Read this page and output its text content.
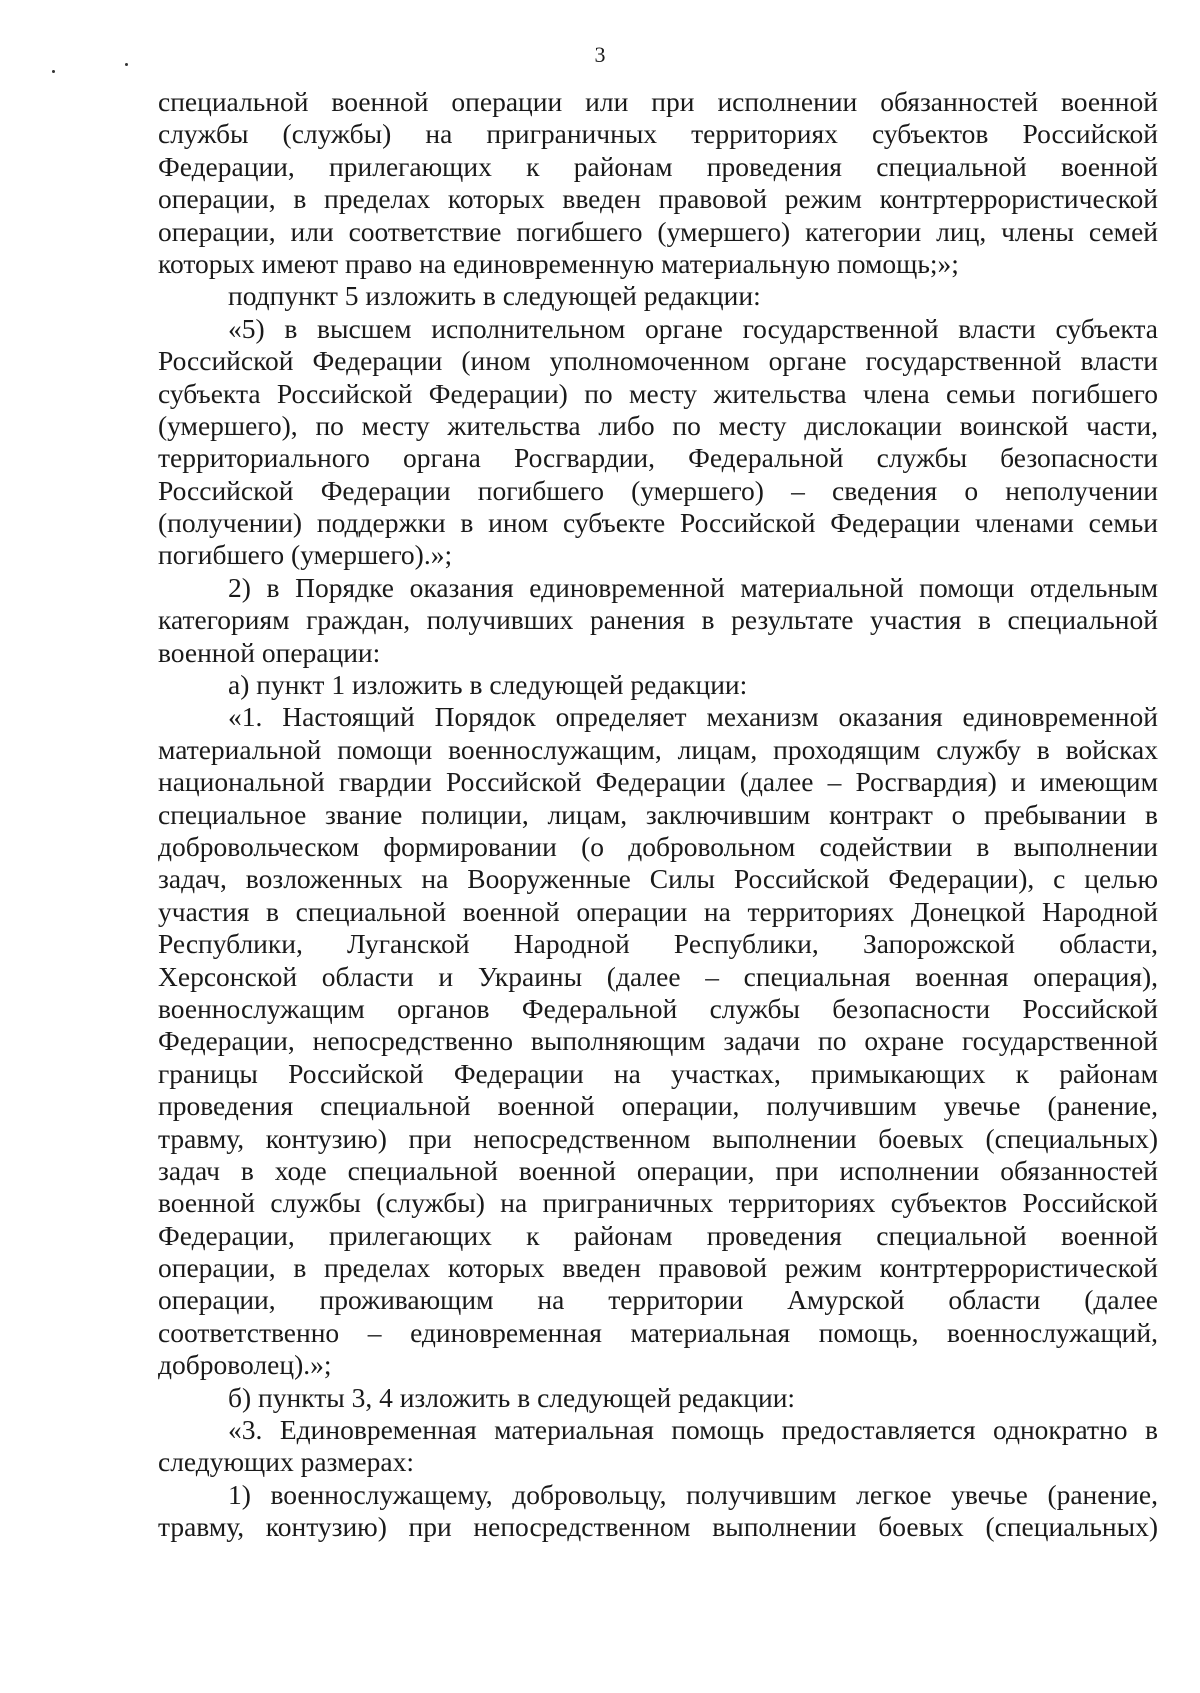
3
специальной военной операции или при исполнении обязанностей военной
службы (службы) на приграничных территориях субъектов Российской
Федерации, прилегающих к районам проведения специальной военной
операции, в пределах которых введен правовой режим контртеррористической
операции, или соответствие погибшего (умершего) категории лиц, члены семей
которых имеют право на единовременную материальную помощь;»;
подпункт 5 изложить в следующей редакции:
«5) в высшем исполнительном органе государственной власти субъекта
Российской Федерации (ином уполномоченном органе государственной власти
субъекта Российской Федерации) по месту жительства члена семьи погибшего
(умершего), по месту жительства либо по месту дислокации воинской части,
территориального органа Росгвардии, Федеральной службы безопасности
Российской Федерации погибшего (умершего) – сведения о неполучении
(получении) поддержки в ином субъекте Российской Федерации членами семьи
погибшего (умершего).»;
2) в Порядке оказания единовременной материальной помощи отдельным
категориям граждан, получивших ранения в результате участия в специальной
военной операции:
а) пункт 1 изложить в следующей редакции:
«1. Настоящий Порядок определяет механизм оказания единовременной
материальной помощи военнослужащим, лицам, проходящим службу в войсках
национальной гвардии Российской Федерации (далее – Росгвардия) и имеющим
специальное звание полиции, лицам, заключившим контракт о пребывании в
добровольческом формировании (о добровольном содействии в выполнении
задач, возложенных на Вооруженные Силы Российской Федерации), с целью
участия в специальной военной операции на территориях Донецкой Народной
Республики, Луганской Народной Республики, Запорожской области,
Херсонской области и Украины (далее – специальная военная операция),
военнослужащим органов Федеральной службы безопасности Российской
Федерации, непосредственно выполняющим задачи по охране государственной
границы Российской Федерации на участках, примыкающих к районам
проведения специальной военной операции, получившим увечье (ранение,
травму, контузию) при непосредственном выполнении боевых (специальных)
задач в ходе специальной военной операции, при исполнении обязанностей
военной службы (службы) на приграничных территориях субъектов Российской
Федерации, прилегающих к районам проведения специальной военной
операции, в пределах которых введен правовой режим контртеррористической
операции, проживающим на территории Амурской области (далее
соответственно – единовременная материальная помощь, военнослужащий,
доброволец).»;
б) пункты 3, 4 изложить в следующей редакции:
«3. Единовременная материальная помощь предоставляется однократно в
следующих размерах:
1) военнослужащему, добровольцу, получившим легкое увечье (ранение,
травму, контузию) при непосредственном выполнении боевых (специальных)
